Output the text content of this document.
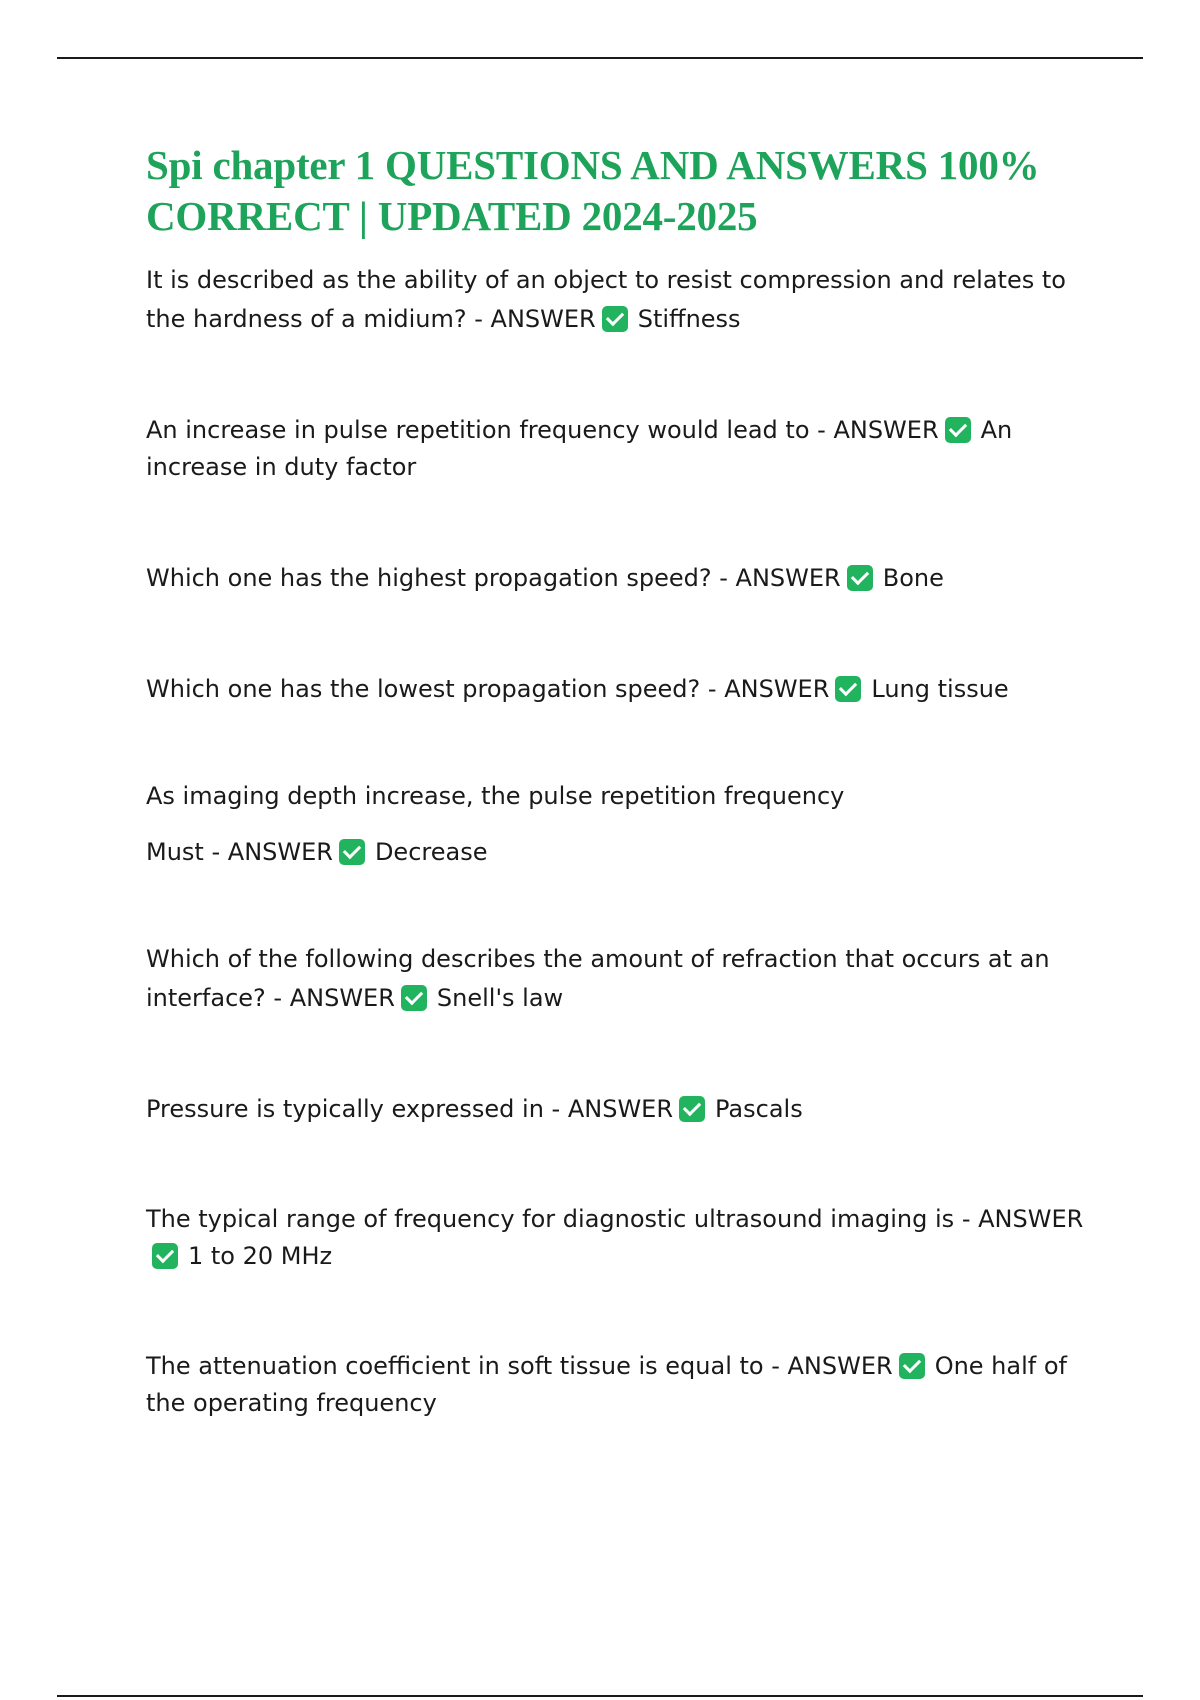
Spi chapter 1 QUESTIONS AND ANSWERS 100% CORRECT | UPDATED 2024-2025
It is described as the ability of an object to resist compression and relates to the hardness of a midium? - ANSWER Stiffness
An increase in pulse repetition frequency would lead to - ANSWER An increase in duty factor
Which one has the highest propagation speed? - ANSWER Bone
Which one has the lowest propagation speed? - ANSWER Lung tissue
As imaging depth increase, the pulse repetition frequency
Must - ANSWER Decrease
Which of the following describes the amount of refraction that occurs at an interface? - ANSWER Snell's law
Pressure is typically expressed in - ANSWER Pascals
The typical range of frequency for diagnostic ultrasound imaging is - ANSWER1 to 20 MHz
The attenuation coefficient in soft tissue is equal to - ANSWER One half of the operating frequency
